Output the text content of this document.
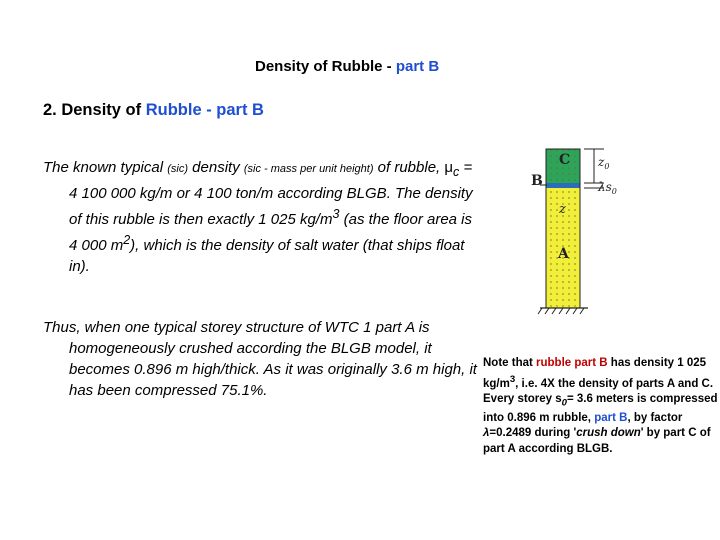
Density of Rubble - part B
2. Density of Rubble - part B
The known typical (sic) density (sic - mass per unit height) of rubble, $\mu_c = 4$ 100 000 kg/m or 4 100 ton/m according BLGB. The density of this rubble is then exactly 1 025 $kg/m^3$ (as the floor area is 4 000 $m^2$), which is the density of salt water (that ships float in).
Thus, when one typical storey structure of WTC 1 part A is homogeneously crushed according the BLGB model, it becomes 0.896 m high/thick. As it was originally 3.6 m high, it has been compressed 75.1%.
C
B
z
A
$z_0$
$\lambda s_0$
Note that rubble part B has density 1 025 $kg/m^3$, i.e. 4X the density of parts A and C. Every storey $s_0= 3.6$ meters is compressed into 0.896 m rubble, part B, by factor λ=0.2489 during 'crush down' by part C of part A according BLGB.
